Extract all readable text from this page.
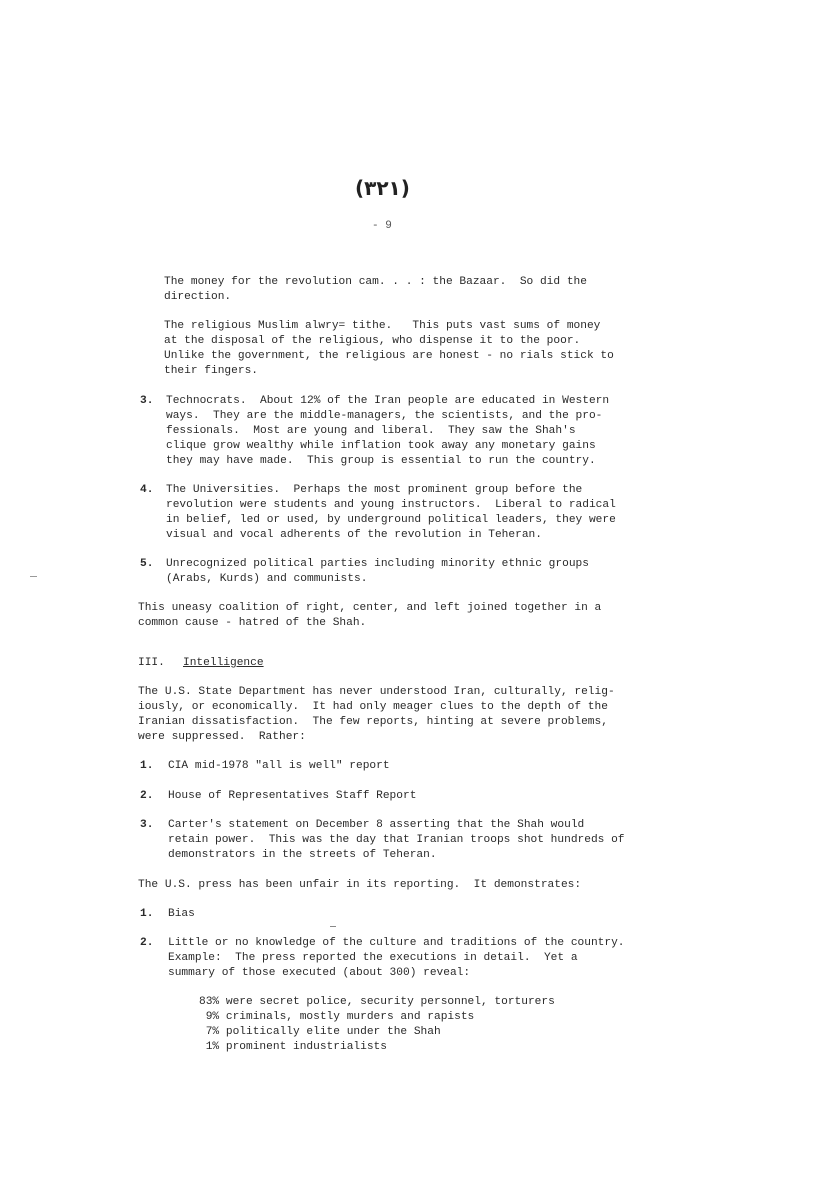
(۳۲۱)
- 9
The money for the revolution cam. . . : the Bazaar.  So did the
direction.
The religious Muslim alwry= tithe.   This puts vast sums of money
at the disposal of the religious, who dispense it to the poor.
Unlike the government, the religious are honest - no rials stick to
their fingers.
3. Technocrats.  About 12% of the Iran people are educated in Western
ways.  They are the middle-managers, the scientists, and the pro-
fessionals.  Most are young and liberal.  They saw the Shah's
clique grow wealthy while inflation took away any monetary gains
they may have made.  This group is essential to run the country.
4. The Universities.  Perhaps the most prominent group before the
revolution were students and young instructors.  Liberal to radical
in belief, led or used, by underground political leaders, they were
visual and vocal adherents of the revolution in Teheran.
5. Unrecognized political parties including minority ethnic groups
(Arabs, Kurds) and communists.
This uneasy coalition of right, center, and left joined together in a
common cause - hatred of the Shah.
III. Intelligence
The U.S. State Department has never understood Iran, culturally, relig-
iously, or economically.  It had only meager clues to the depth of the
Iranian dissatisfaction.  The few reports, hinting at severe problems,
were suppressed.  Rather:
1. CIA mid-1978 "all is well" report
2. House of Representatives Staff Report
3. Carter's statement on December 8 asserting that the Shah would
retain power.  This was the day that Iranian troops shot hundreds of
demonstrators in the streets of Teheran.
The U.S. press has been unfair in its reporting.  It demonstrates:
1. Bias
2. Little or no knowledge of the culture and traditions of the country.
Example:  The press reported the executions in detail.  Yet a
summary of those executed (about 300) reveal:
83% were secret police, security personnel, torturers
9% criminals, mostly murders and rapists
7% politically elite under the Shah
1% prominent industrialists
